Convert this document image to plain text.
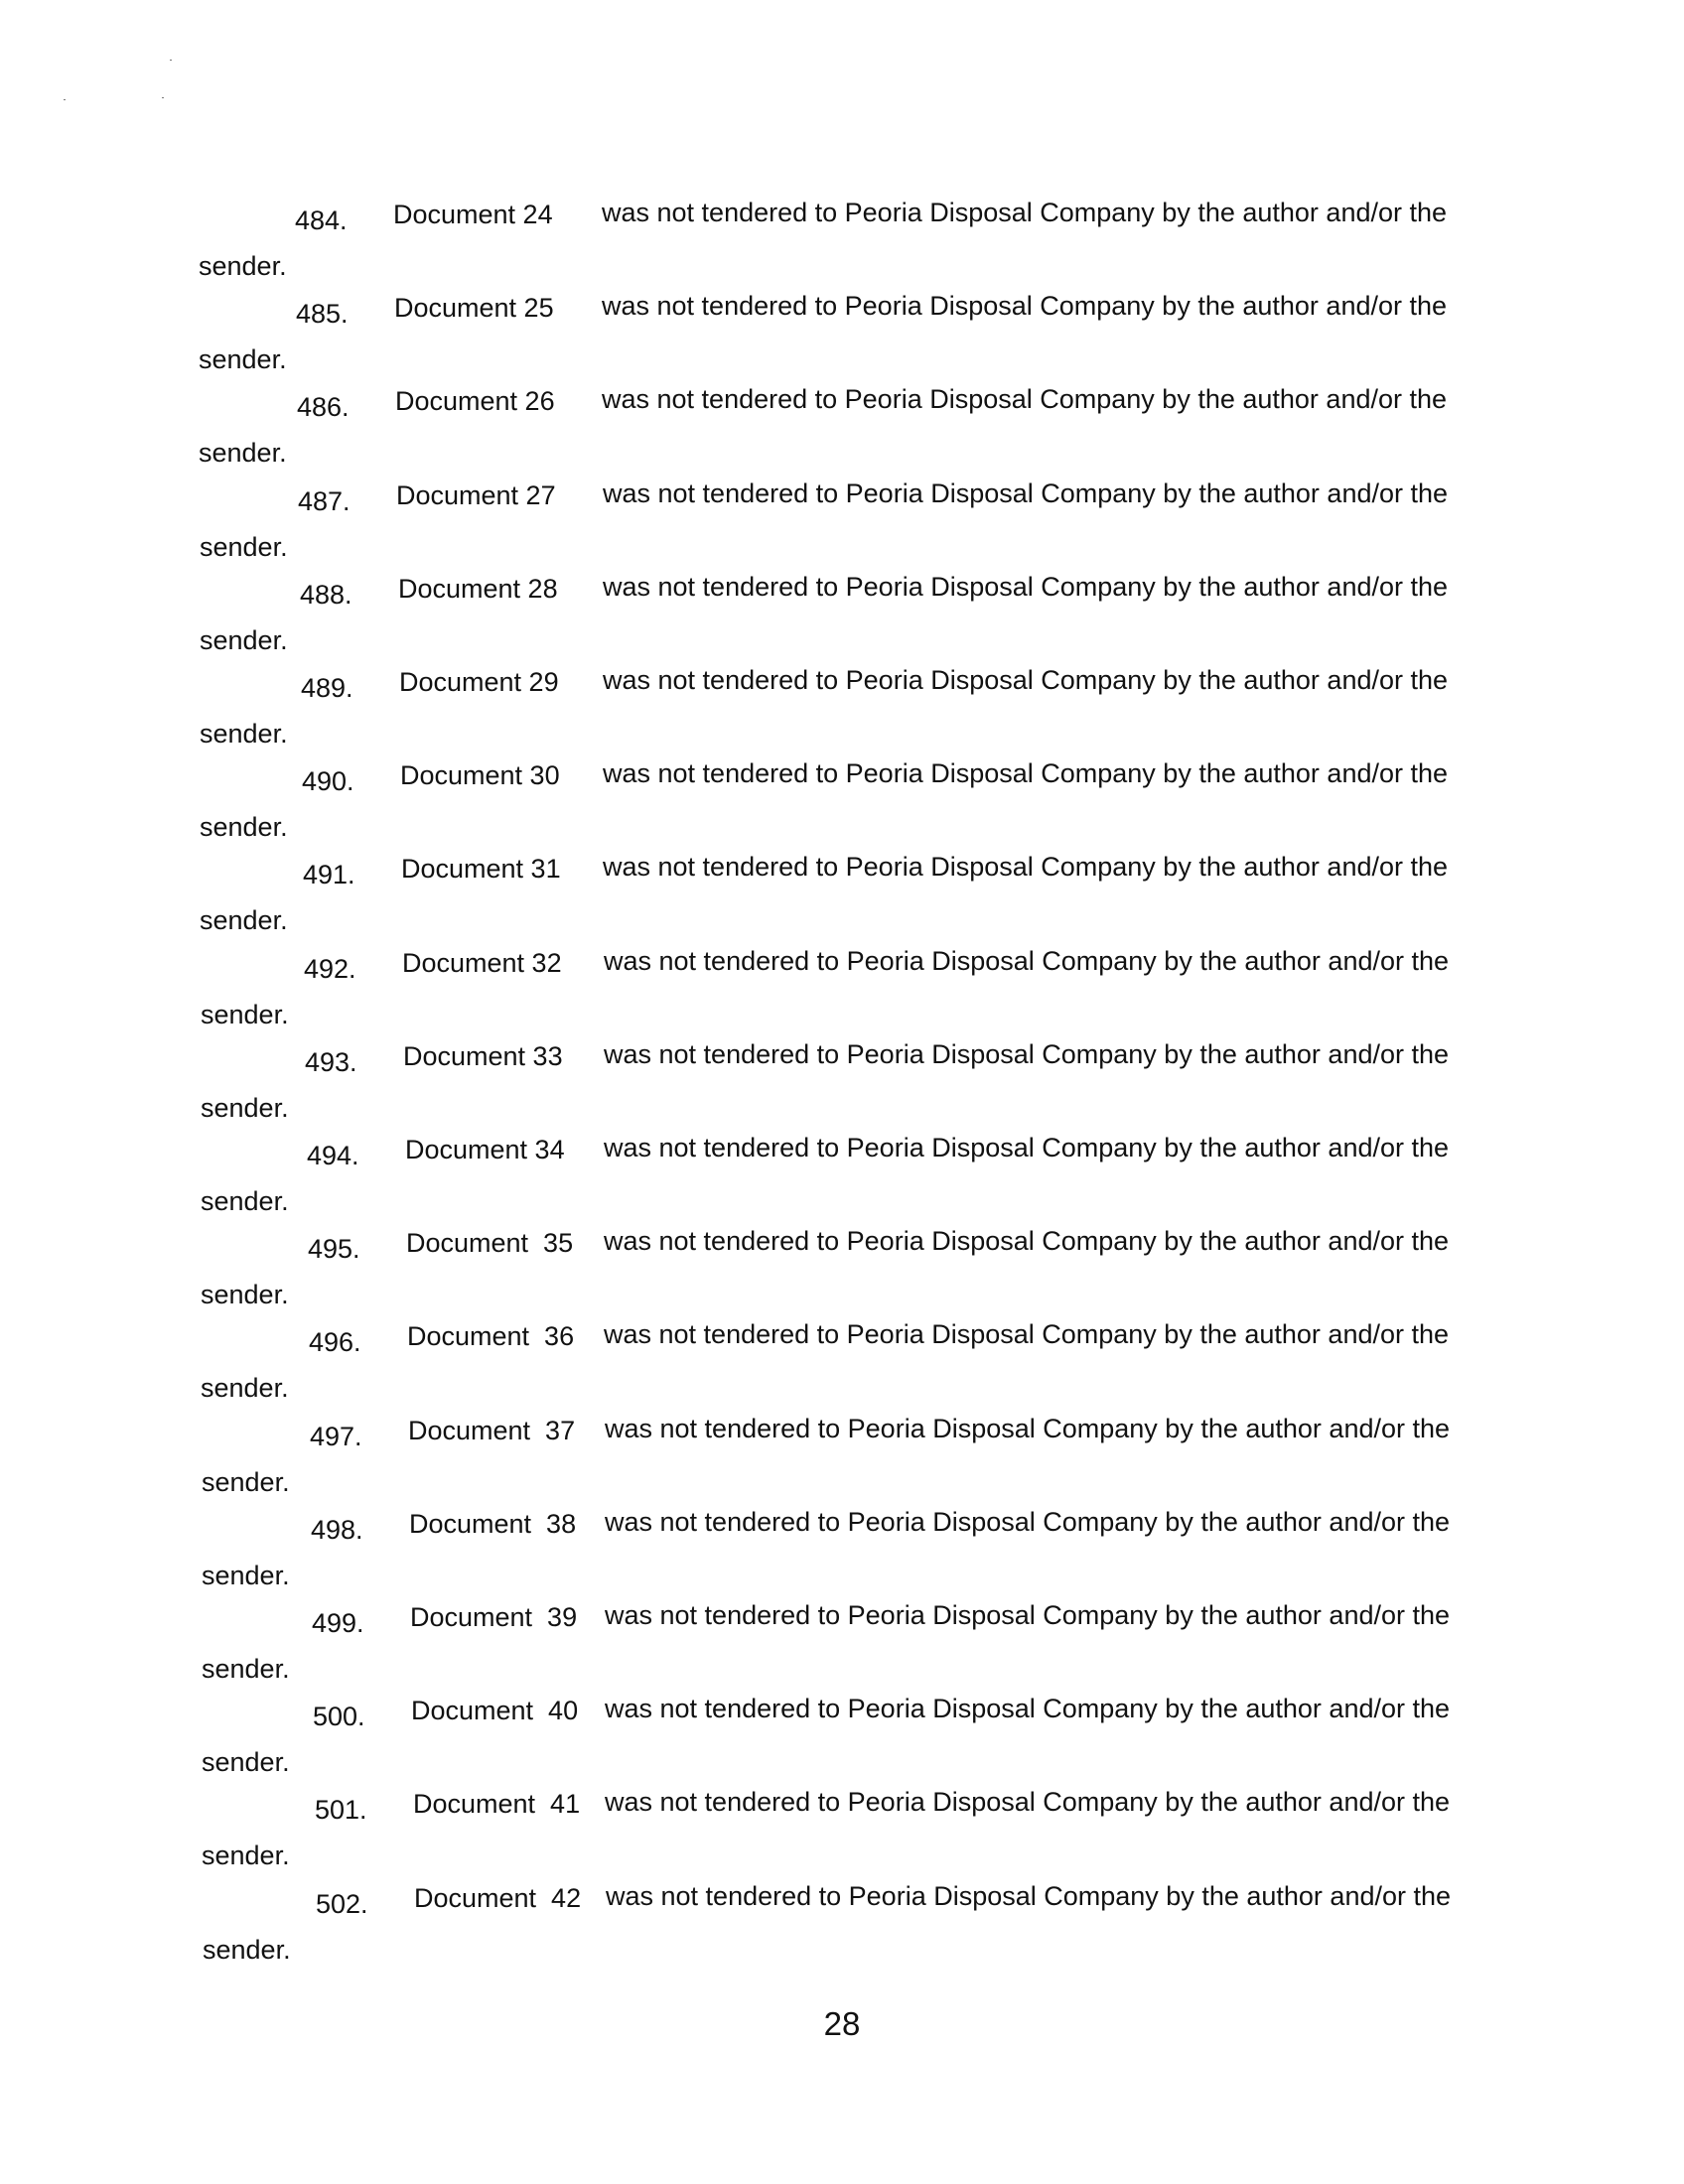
484. Document 24 was not tendered to Peoria Disposal Company by the author and/or the
sender.
485. Document 25 was not tendered to Peoria Disposal Company by the author and/or the
sender.
486. Document 26 was not tendered to Peoria Disposal Company by the author and/or the
sender.
487. Document 27 was not tendered to Peoria Disposal Company by the author and/or the
sender.
488. Document 28 was not tendered to Peoria Disposal Company by the author and/or the
sender.
489. Document 29 was not tendered to Peoria Disposal Company by the author and/or the
sender.
490. Document 30 was not tendered to Peoria Disposal Company by the author and/or the
sender.
491. Document 31 was not tendered to Peoria Disposal Company by the author and/or the
sender.
492. Document 32 was not tendered to Peoria Disposal Company by the author and/or the
sender.
493. Document 33 was not tendered to Peoria Disposal Company by the author and/or the
sender.
494. Document 34 was not tendered to Peoria Disposal Company by the author and/or the
sender.
495. Document  35 was not tendered to Peoria Disposal Company by the author and/or the
sender.
496. Document  36 was not tendered to Peoria Disposal Company by the author and/or the
sender.
497. Document  37 was not tendered to Peoria Disposal Company by the author and/or the
sender.
498. Document  38 was not tendered to Peoria Disposal Company by the author and/or the
sender.
499. Document  39 was not tendered to Peoria Disposal Company by the author and/or the
sender.
500. Document  40 was not tendered to Peoria Disposal Company by the author and/or the
sender.
501. Document  41 was not tendered to Peoria Disposal Company by the author and/or the
sender.
502. Document  42 was not tendered to Peoria Disposal Company by the author and/or the
sender.
28
